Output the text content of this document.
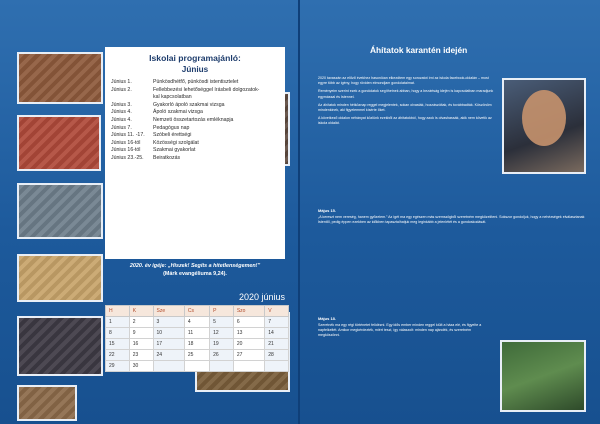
Iskolai programajánló:
Június
Június 1.	Pünkösdhétfő, pünkösdi istentisztelet
Június 2.	Fellebbezési lehetőséggel írásbeli dolgozatok-
kal kapcsolatban
Június 3.	Gyakorló ápoló szakmai vizsga
Június 4.	Ápoló szakmai vizsga
Június 4.	Nemzeti összetartozás emléknapja
Június 7.	Pedagógus nap
Június 11. -17.	Szóbeli érettségi
Június 16-tól	Közösségi szolgálat
Június 16-tól	Szakmai gyakorlat
Június 23.-25.	Beiratkozás
2020. év igéje: „Hiszek! Segíts a hitetlenségemen!”
(Márk evangéliuma 9,24).
2020 június
H	K	Sze	Cs	P	Szo	V
1	2	3	4	5	6	7
8	9	10	11	12	13	14
15	16	17	18	19	20	21
22	23	24	25	26	27	28
29	30					
Áhítatok karantén idején

2020 tavaszán az előző évekhez hasonlóan elkezdtem egy sorozatot írni az iskola facebook-oldalán – most egyre több az igény, hogy röviden elmondjam gondolataimat.

Reményeim szerint ezek a gondolatok segíthetnek abban, hogy a bezártság idején is kapcsolatban maradjunk egymással és Istennel.

Az áhítatok minden hétköznap reggel megjelentek, sokan olvasták, hozzászóltak, és továbbadták. Köszönöm mindenkinek, aki figyelemmel kísérte őket.

A következő oldalon néhányat közlünk ezekből az áhítatokból, hogy azok is olvashassák, akik nem követik az iskola oldalát.

Május 15.
„A kereszt nem vereség, hanem győzelem.” Az igét ma egy egészen más szemszögből szeretném megközelíteni. Sokszor gondoljuk, hogy a nehézségek elválasztanak Istentől, pedig éppen ezekben az időkben tapasztalhatjuk meg leginkább a jelenlétét és a gondoskodását.
Május 18.
Szeretnék ma egy régi történetet felidézni. Egy idős ember minden reggel kiült a háza elé, és figyelte a napfelkeltét. Amikor megkérdezték, miért teszi, így válaszolt: minden nap ajándék, és szeretném megköszönni.
